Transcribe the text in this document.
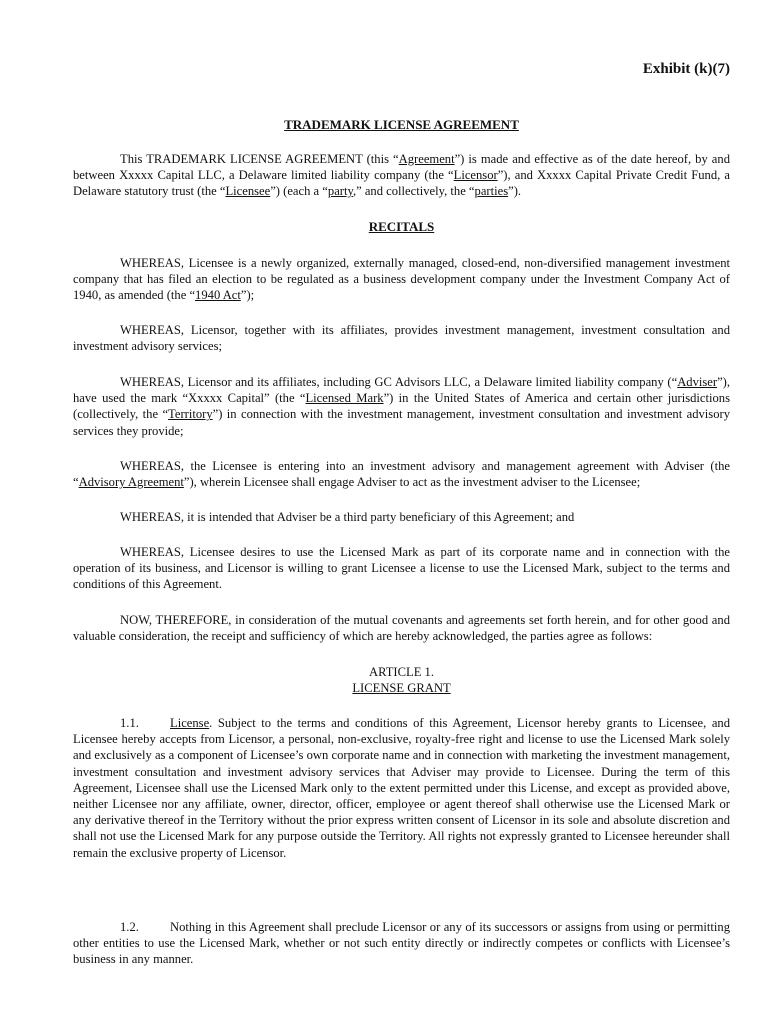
Exhibit (k)(7)
TRADEMARK LICENSE AGREEMENT

This TRADEMARK LICENSE AGREEMENT (this “Agreement”) is made and effective as of the date hereof, by and between Xxxxx Capital LLC, a Delaware limited liability company (the “Licensor”), and Xxxxx Capital Private Credit Fund, a Delaware statutory trust (the “Licensee”) (each a “party,” and collectively, the “parties”).

RECITALS

WHEREAS, Licensee is a newly organized, externally managed, closed-end, non-diversified management investment company that has filed an election to be regulated as a business development company under the Investment Company Act of 1940, as amended (the “1940 Act”);

WHEREAS, Licensor, together with its affiliates, provides investment management, investment consultation and investment advisory services;

WHEREAS, Licensor and its affiliates, including GC Advisors LLC, a Delaware limited liability company (“Adviser”), have used the mark “Xxxxx Capital” (the “Licensed Mark”) in the United States of America and certain other jurisdictions (collectively, the “Territory”) in connection with the investment management, investment consultation and investment advisory services they provide;

WHEREAS, the Licensee is entering into an investment advisory and management agreement with Adviser (the “Advisory Agreement”), wherein Licensee shall engage Adviser to act as the investment adviser to the Licensee;

WHEREAS, it is intended that Adviser be a third party beneficiary of this Agreement; and

WHEREAS, Licensee desires to use the Licensed Mark as part of its corporate name and in connection with the operation of its business, and Licensor is willing to grant Licensee a license to use the Licensed Mark, subject to the terms and conditions of this Agreement.

NOW, THEREFORE, in consideration of the mutual covenants and agreements set forth herein, and for other good and valuable consideration, the receipt and sufficiency of which are hereby acknowledged, the parties agree as follows:

ARTICLE 1.
LICENSE GRANT

1.1. License. Subject to the terms and conditions of this Agreement, Licensor hereby grants to Licensee, and Licensee hereby accepts from Licensor, a personal, non-exclusive, royalty-free right and license to use the Licensed Mark solely and exclusively as a component of Licensee’s own corporate name and in connection with marketing the investment management, investment consultation and investment advisory services that Adviser may provide to Licensee. During the term of this Agreement, Licensee shall use the Licensed Mark only to the extent permitted under this License, and except as provided above, neither Licensee nor any affiliate, owner, director, officer, employee or agent thereof shall otherwise use the Licensed Mark or any derivative thereof in the Territory without the prior express written consent of Licensor in its sole and absolute discretion and shall not use the Licensed Mark for any purpose outside the Territory. All rights not expressly granted to Licensee hereunder shall remain the exclusive property of Licensor.

1.2. Nothing in this Agreement shall preclude Licensor or any of its successors or assigns from using or permitting other entities to use the Licensed Mark, whether or not such entity directly or indirectly competes or conflicts with Licensee’s business in any manner.
